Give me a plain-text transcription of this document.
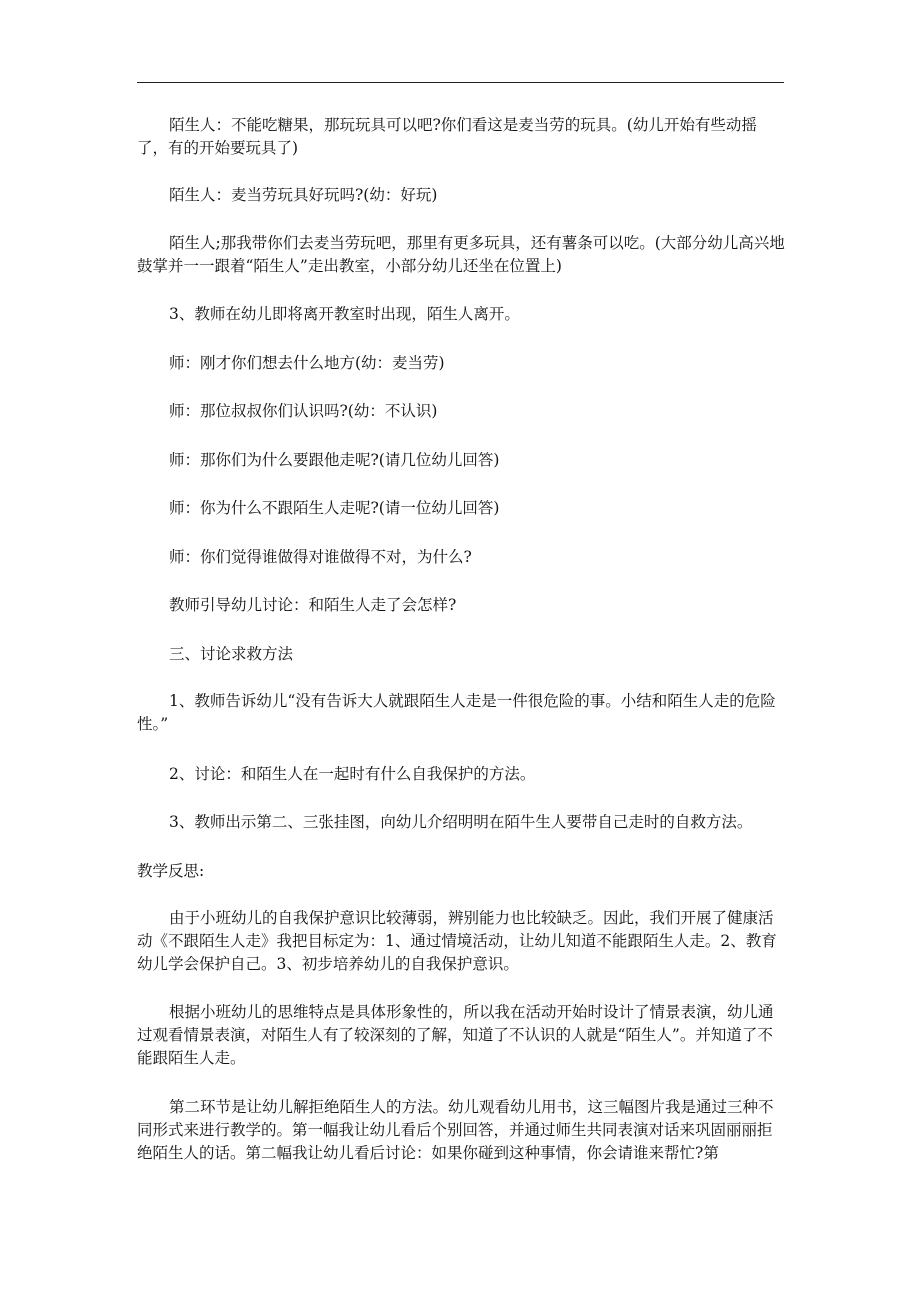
陌生人：不能吃糖果，那玩玩具可以吧?你们看这是麦当劳的玩具。(幼儿开始有些动摇了，有的开始要玩具了)

陌生人：麦当劳玩具好玩吗?(幼：好玩)

陌生人;那我带你们去麦当劳玩吧，那里有更多玩具，还有薯条可以吃。(大部分幼儿高兴地鼓掌并一一跟着“陌生人”走出教室，小部分幼儿还坐在位置上)

3、教师在幼儿即将离开教室时出现，陌生人离开。

师：刚才你们想去什么地方(幼：麦当劳)

师：那位叔叔你们认识吗?(幼：不认识)

师：那你们为什么要跟他走呢?(请几位幼儿回答)

师：你为什么不跟陌生人走呢?(请一位幼儿回答)

师：你们觉得谁做得对谁做得不对，为什么?

教师引导幼儿讨论：和陌生人走了会怎样?

三、讨论求救方法

1、教师告诉幼儿“没有告诉大人就跟陌生人走是一件很危险的事。小结和陌生人走的危险性。”

2、讨论：和陌生人在一起时有什么自我保护的方法。

3、教师出示第二、三张挂图，向幼儿介绍明明在陌牛生人要带自己走时的自救方法。

教学反思:

由于小班幼儿的自我保护意识比较薄弱，辨别能力也比较缺乏。因此，我们开展了健康活动《不跟陌生人走》我把目标定为：1、通过情境活动，让幼儿知道不能跟陌生人走。2、教育幼儿学会保护自己。3、初步培养幼儿的自我保护意识。

根据小班幼儿的思维特点是具体形象性的，所以我在活动开始时设计了情景表演，幼儿通过观看情景表演，对陌生人有了较深刻的了解，知道了不认识的人就是“陌生人”。并知道了不能跟陌生人走。

第二环节是让幼儿解拒绝陌生人的方法。幼儿观看幼儿用书，这三幅图片我是通过三种不同形式来进行教学的。第一幅我让幼儿看后个别回答，并通过师生共同表演对话来巩固丽丽拒绝陌生人的话。第二幅我让幼儿看后讨论：如果你碰到这种事情，你会请谁来帮忙?第
